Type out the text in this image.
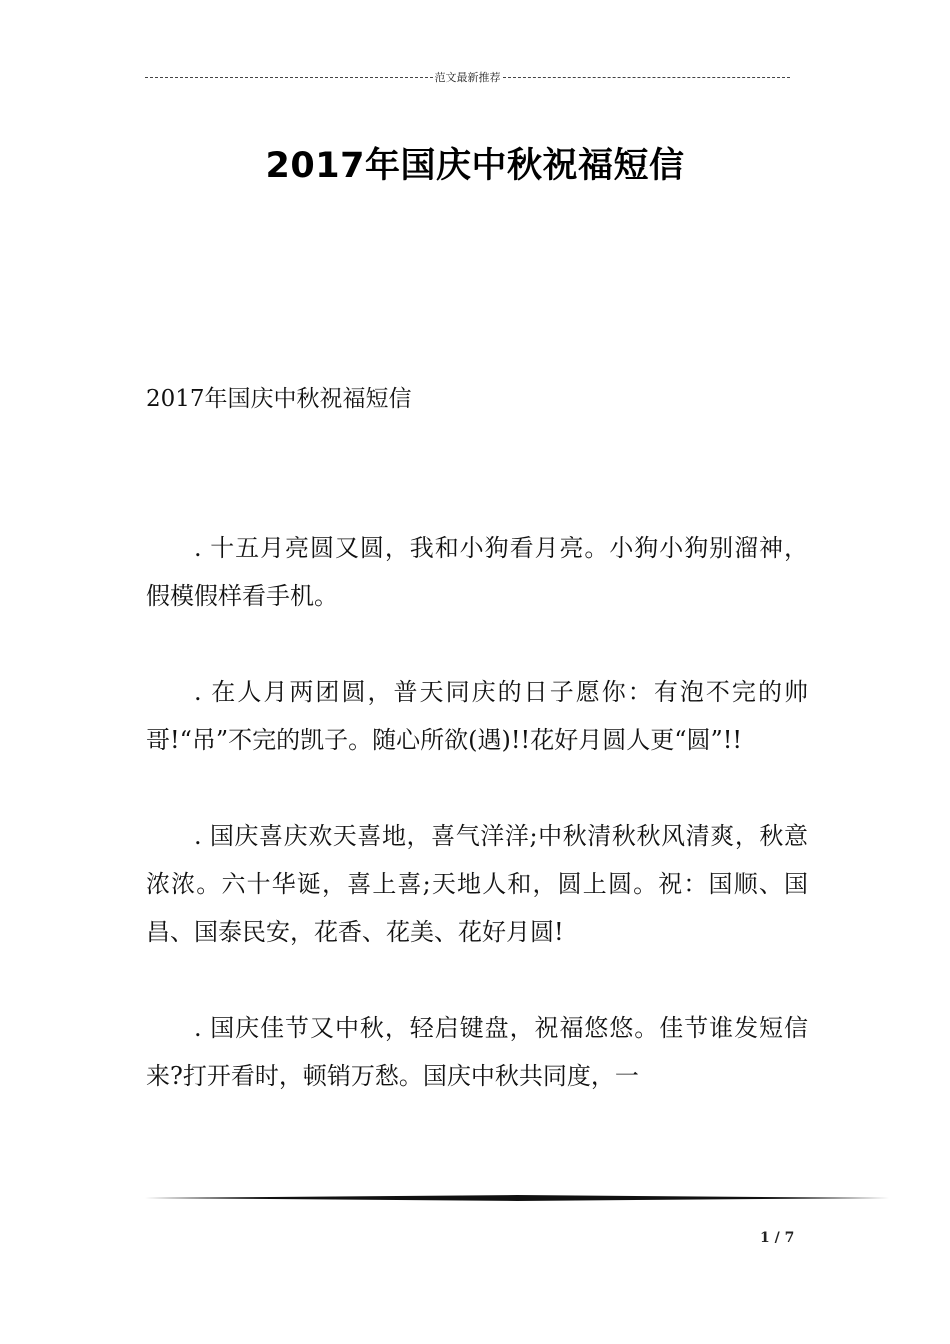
范文最新推荐
2017年国庆中秋祝福短信

2017年国庆中秋祝福短信

. 十五月亮圆又圆，我和小狗看月亮。小狗小狗别溜神，假模假样看手机。

. 在人月两团圆，普天同庆的日子愿你：有泡不完的帅哥!“吊”不完的凯子。随心所欲(遇)!!花好月圆人更“圆”!!

. 国庆喜庆欢天喜地，喜气洋洋;中秋清秋秋风清爽，秋意浓浓。六十华诞，喜上喜;天地人和，圆上圆。祝：国顺、国昌、国泰民安，花香、花美、花好月圆!

. 国庆佳节又中秋，轻启键盘，祝福悠悠。佳节谁发短信来?打开看时，顿销万愁。国庆中秋共同度，一

1 / 7
